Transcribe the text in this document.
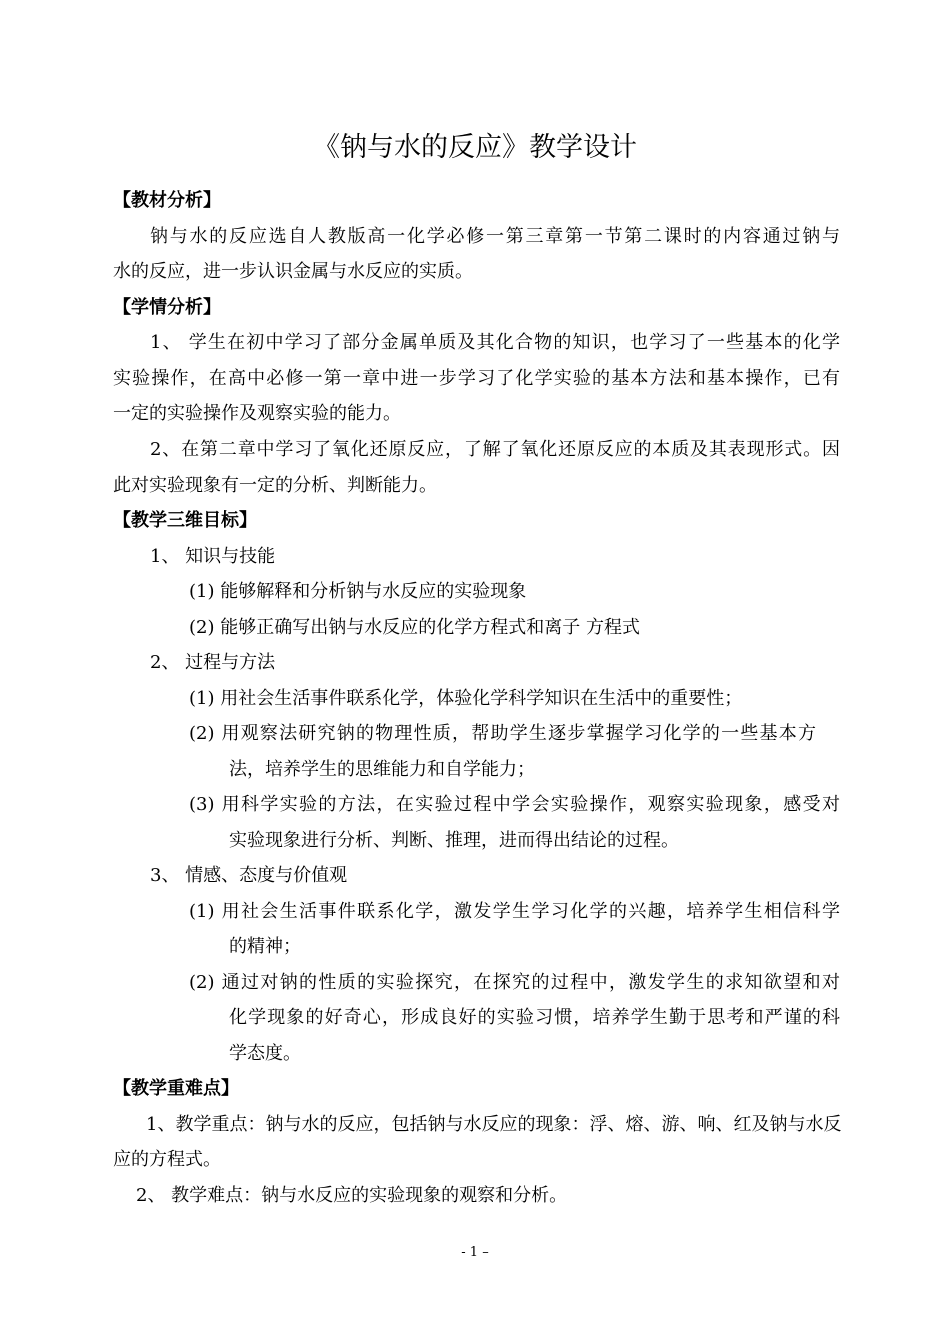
《钠与水的反应》教学设计
【教材分析】
钠与水的反应选自人教版高一化学必修一第三章第一节第二课时的内容通过钠与
水的反应，进一步认识金属与水反应的实质。
【学情分析】
1、 学生在初中学习了部分金属单质及其化合物的知识，也学习了一些基本的化学
实验操作，在高中必修一第一章中进一步学习了化学实验的基本方法和基本操作，已有
一定的实验操作及观察实验的能力。
2、在第二章中学习了氧化还原反应，了解了氧化还原反应的本质及其表现形式。因
此对实验现象有一定的分析、判断能力。
【教学三维目标】
1、 知识与技能
(1) 能够解释和分析钠与水反应的实验现象
(2) 能够正确写出钠与水反应的化学方程式和离子 方程式
2、 过程与方法
(1) 用社会生活事件联系化学，体验化学科学知识在生活中的重要性；
(2) 用观察法研究钠的物理性质，帮助学生逐步掌握学习化学的一些基本方
法，培养学生的思维能力和自学能力；
(3) 用科学实验的方法，在实验过程中学会实验操作，观察实验现象，感受对
实验现象进行分析、判断、推理，进而得出结论的过程。
3、 情感、态度与价值观
(1) 用社会生活事件联系化学，激发学生学习化学的兴趣，培养学生相信科学
的精神；
(2) 通过对钠的性质的实验探究，在探究的过程中，激发学生的求知欲望和对
化学现象的好奇心，形成良好的实验习惯，培养学生勤于思考和严谨的科
学态度。
【教学重难点】
1、教学重点：钠与水的反应，包括钠与水反应的现象：浮、熔、游、响、红及钠与水反
应的方程式。
2、 教学难点：钠与水反应的实验现象的观察和分析。
- 1 –
